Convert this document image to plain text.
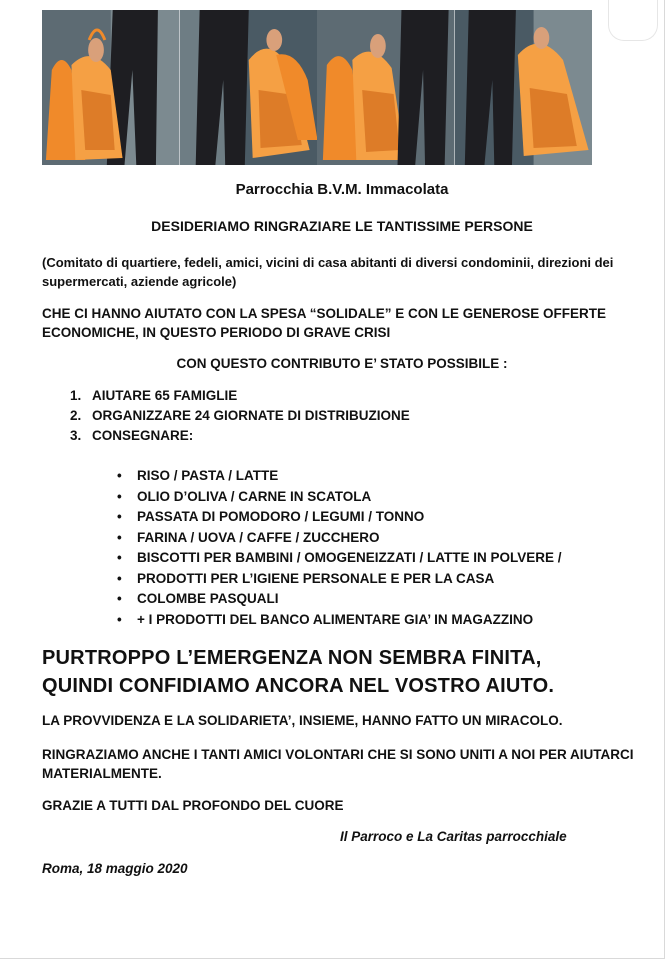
Parrocchia B.V.M. Immacolata
DESIDERIAMO RINGRAZIARE LE TANTISSIME PERSONE
(Comitato di quartiere, fedeli, amici, vicini di casa abitanti di diversi condominii, direzioni dei supermercati, aziende agricole)
CHE CI HANNO AIUTATO CON LA SPESA “SOLIDALE” E CON LE GENEROSE OFFERTE ECONOMICHE, IN QUESTO PERIODO DI GRAVE CRISI
CON QUESTO CONTRIBUTO E’ STATO POSSIBILE :
1. AIUTARE 65 FAMIGLIE
2. ORGANIZZARE 24 GIORNATE DI DISTRIBUZIONE
3. CONSEGNARE:
• RISO / PASTA / LATTE
• OLIO D’OLIVA / CARNE IN SCATOLA
• PASSATA DI POMODORO / LEGUMI / TONNO
• FARINA / UOVA / CAFFE / ZUCCHERO
• BISCOTTI PER BAMBINI / OMOGENEIZZATI / LATTE IN POLVERE /
• PRODOTTI PER L’IGIENE PERSONALE E PER LA CASA
• COLOMBE PASQUALI
• + I PRODOTTI DEL BANCO ALIMENTARE GIA’ IN MAGAZZINO
PURTROPPO L’EMERGENZA NON SEMBRA FINITA,
QUINDI CONFIDIAMO ANCORA NEL VOSTRO AIUTO.
LA PROVVIDENZA E LA SOLIDARIETA’, INSIEME, HANNO FATTO UN MIRACOLO.
RINGRAZIAMO ANCHE I TANTI AMICI VOLONTARI CHE SI SONO UNITI A NOI PER AIUTARCI MATERIALMENTE.
GRAZIE A TUTTI DAL PROFONDO DEL CUORE
Il Parroco e La Caritas parrocchiale
Roma, 18 maggio 2020
